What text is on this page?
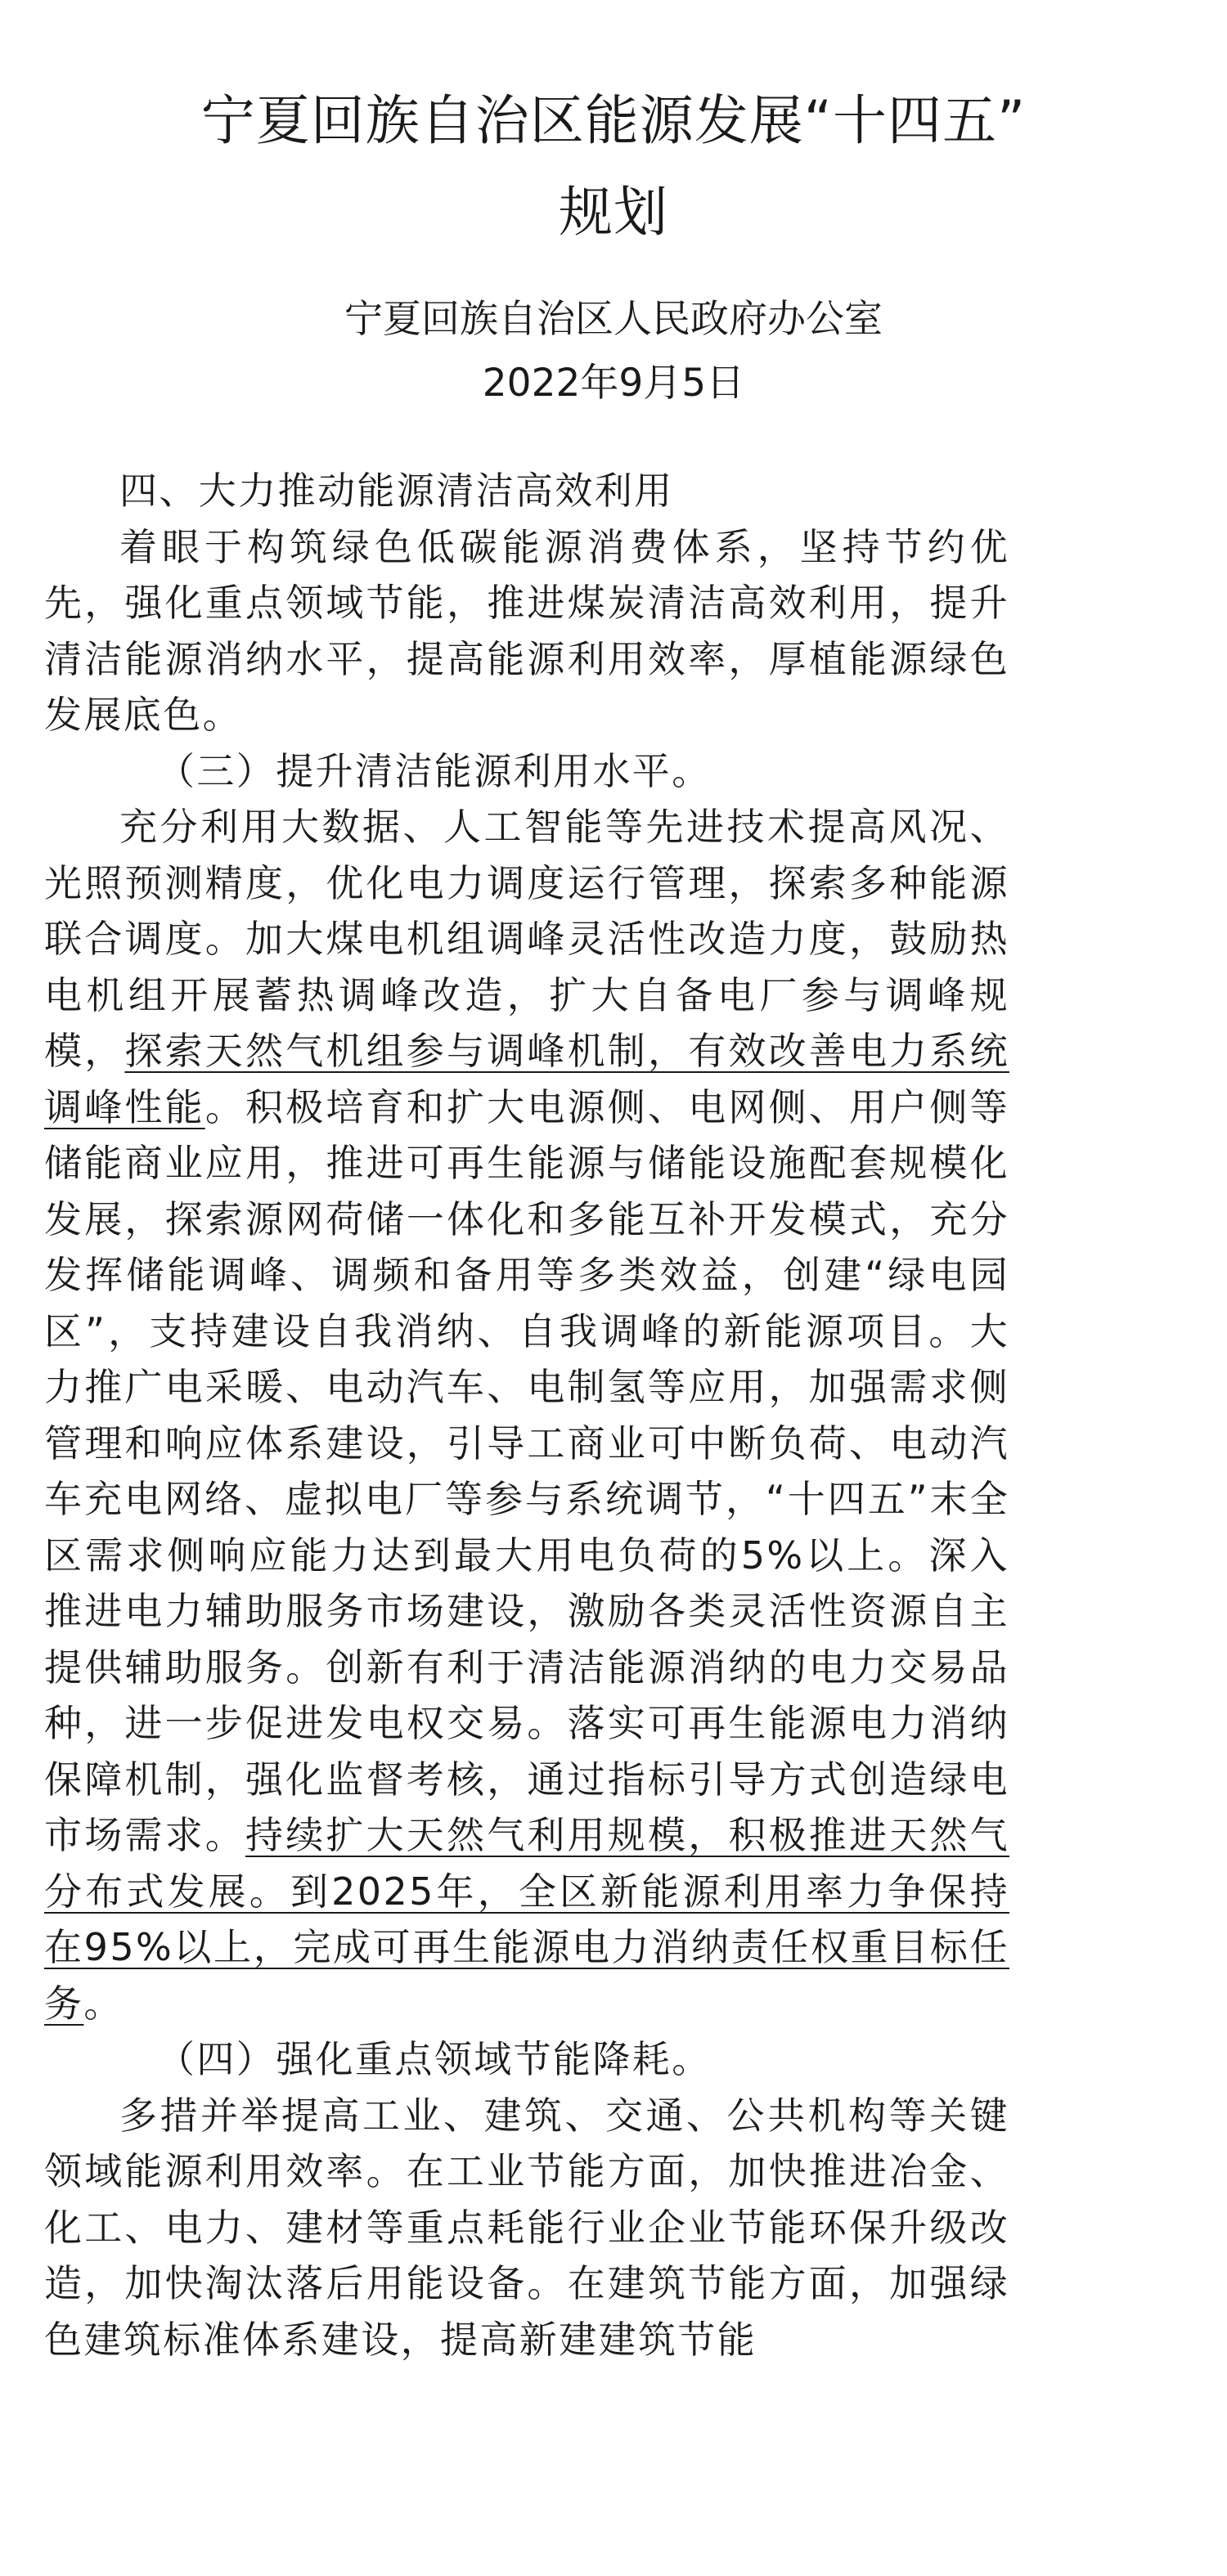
宁夏回族自治区能源发展“十四五”
规划
宁夏回族自治区人民政府办公室
2022年9月5日

四、大力推动能源清洁高效利用

着眼于构筑绿色低碳能源消费体系，坚持节约优先，强化重点领域节能，推进煤炭清洁高效利用，提升清洁能源消纳水平，提高能源利用效率，厚植能源绿色发展底色。

（三）提升清洁能源利用水平。

充分利用大数据、人工智能等先进技术提高风况、光照预测精度，优化电力调度运行管理，探索多种能源联合调度。加大煤电机组调峰灵活性改造力度，鼓励热电机组开展蓄热调峰改造，扩大自备电厂参与调峰规模，探索天然气机组参与调峰机制，有效改善电力系统调峰性能。积极培育和扩大电源侧、电网侧、用户侧等储能商业应用，推进可再生能源与储能设施配套规模化发展，探索源网荷储一体化和多能互补开发模式，充分发挥储能调峰、调频和备用等多类效益，创建“绿电园区”，支持建设自我消纳、自我调峰的新能源项目。大力推广电采暖、电动汽车、电制氢等应用，加强需求侧管理和响应体系建设，引导工商业可中断负荷、电动汽车充电网络、虚拟电厂等参与系统调节，“十四五”末全区需求侧响应能力达到最大用电负荷的5%以上。深入推进电力辅助服务市场建设，激励各类灵活性资源自主提供辅助服务。创新有利于清洁能源消纳的电力交易品种，进一步促进发电权交易。落实可再生能源电力消纳保障机制，强化监督考核，通过指标引导方式创造绿电市场需求。持续扩大天然气利用规模，积极推进天然气分布式发展。到2025年，全区新能源利用率力争保持在95%以上，完成可再生能源电力消纳责任权重目标任务。

（四）强化重点领域节能降耗。

多措并举提高工业、建筑、交通、公共机构等关键领域能源利用效率。在工业节能方面，加快推进冶金、化工、电力、建材等重点耗能行业企业节能环保升级改造，加快淘汰落后用能设备。在建筑节能方面，加强绿色建筑标准体系建设，提高新建建筑节能
